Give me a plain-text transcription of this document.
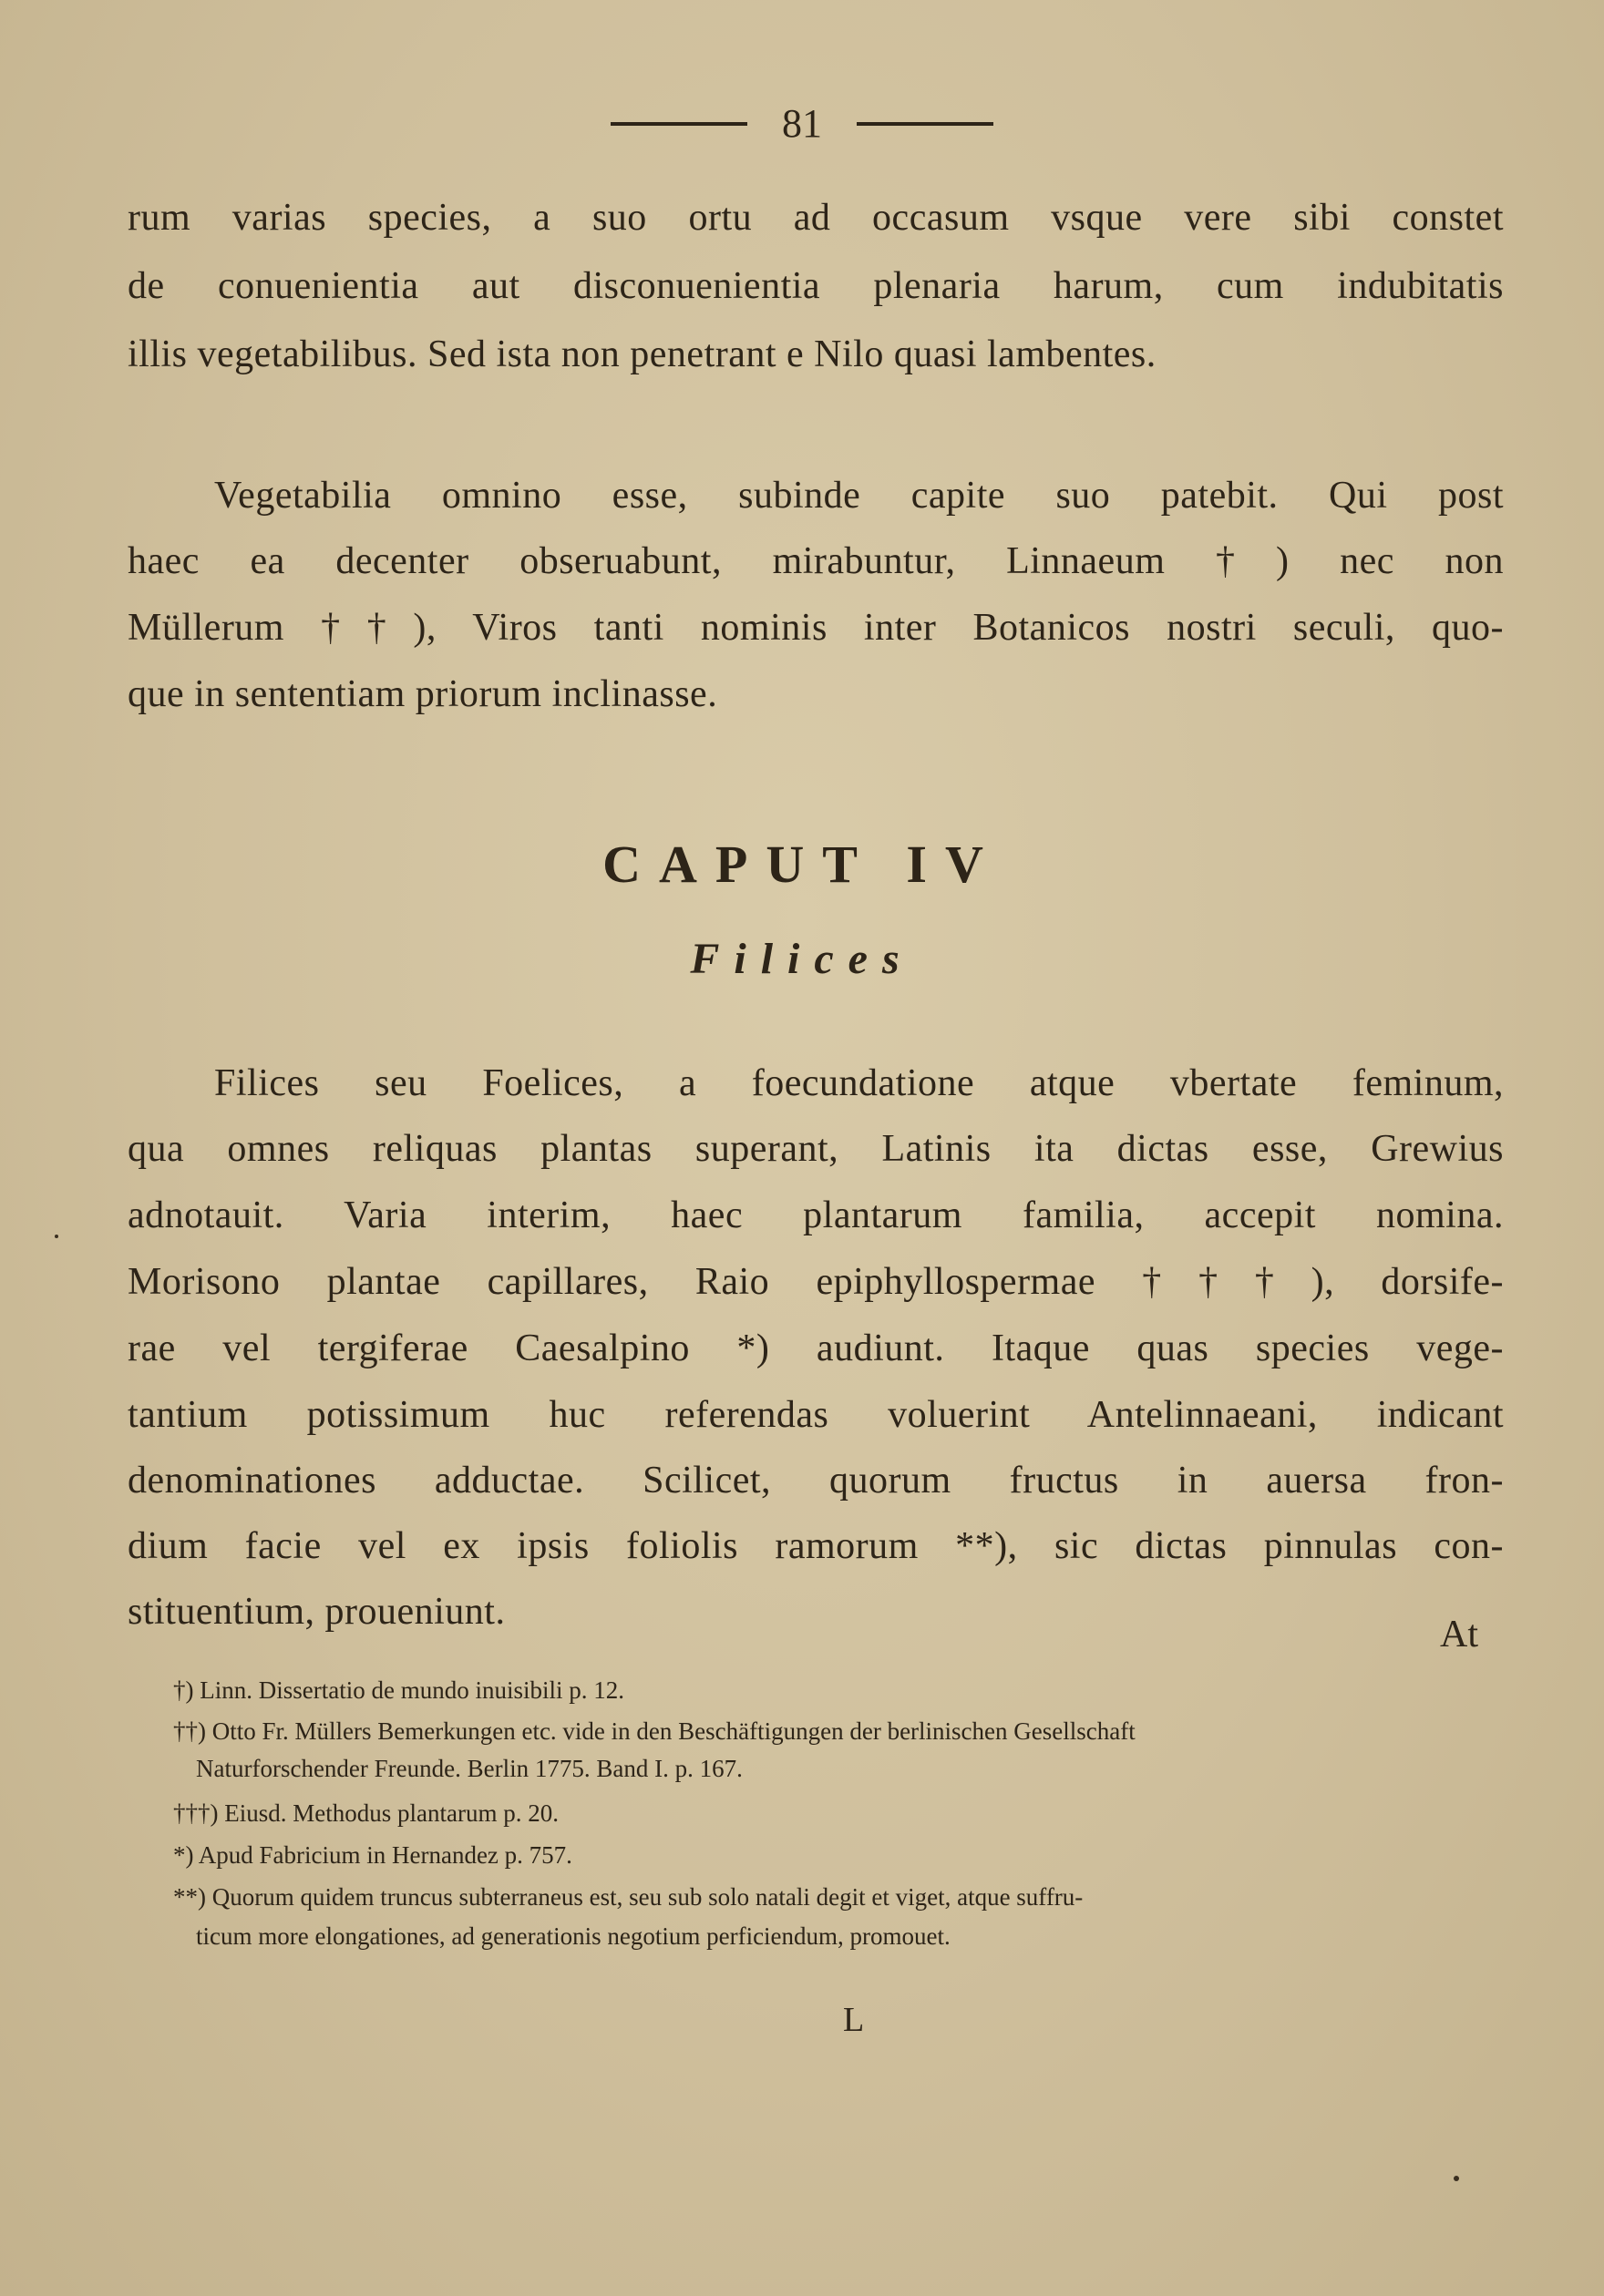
81
rum varias species, a suo ortu ad occasum vsque vere sibi constet
de conuenientia aut disconuenientia plenaria harum, cum indubitatis
illis vegetabilibus. Sed ista non penetrant e Nilo quasi lambentes.
Vegetabilia omnino esse, subinde capite suo patebit. Qui post
haec ea decenter obseruabunt, mirabuntur, Linnaeum †) nec non
Müllerum ††), Viros tanti nominis inter Botanicos nostri seculi, quo-
que in sententiam priorum inclinasse.
CAPUT IV
Filices
Filices seu Foelices, a foecundatione atque vbertate feminum,
qua omnes reliquas plantas superant, Latinis ita dictas esse, Grewius
adnotauit. Varia interim, haec plantarum familia, accepit nomina.
Morisono plantae capillares, Raio epiphyllospermae †††), dorsife-
rae vel tergiferae Caesalpino *) audiunt. Itaque quas species vege-
tantium potissimum huc referendas voluerint Antelinnaeani, indicant
denominationes adductae. Scilicet, quorum fructus in auersa fron-
dium facie vel ex ipsis foliolis ramorum **), sic dictas pinnulas con-
stituentium, proueniunt.
At
†) Linn. Dissertatio de mundo inuisibili p. 12.
††) Otto Fr. Müllers Bemerkungen etc. vide in den Beschäftigungen der berlinischen Gesellschaft
Naturforschender Freunde. Berlin 1775. Band I. p. 167.
†††) Eiusd. Methodus plantarum p. 20.
*) Apud Fabricium in Hernandez p. 757.
**) Quorum quidem truncus subterraneus est, seu sub solo natali degit et viget, atque suffru-
ticum more elongationes, ad generationis negotium perficiendum, promouet.
L
